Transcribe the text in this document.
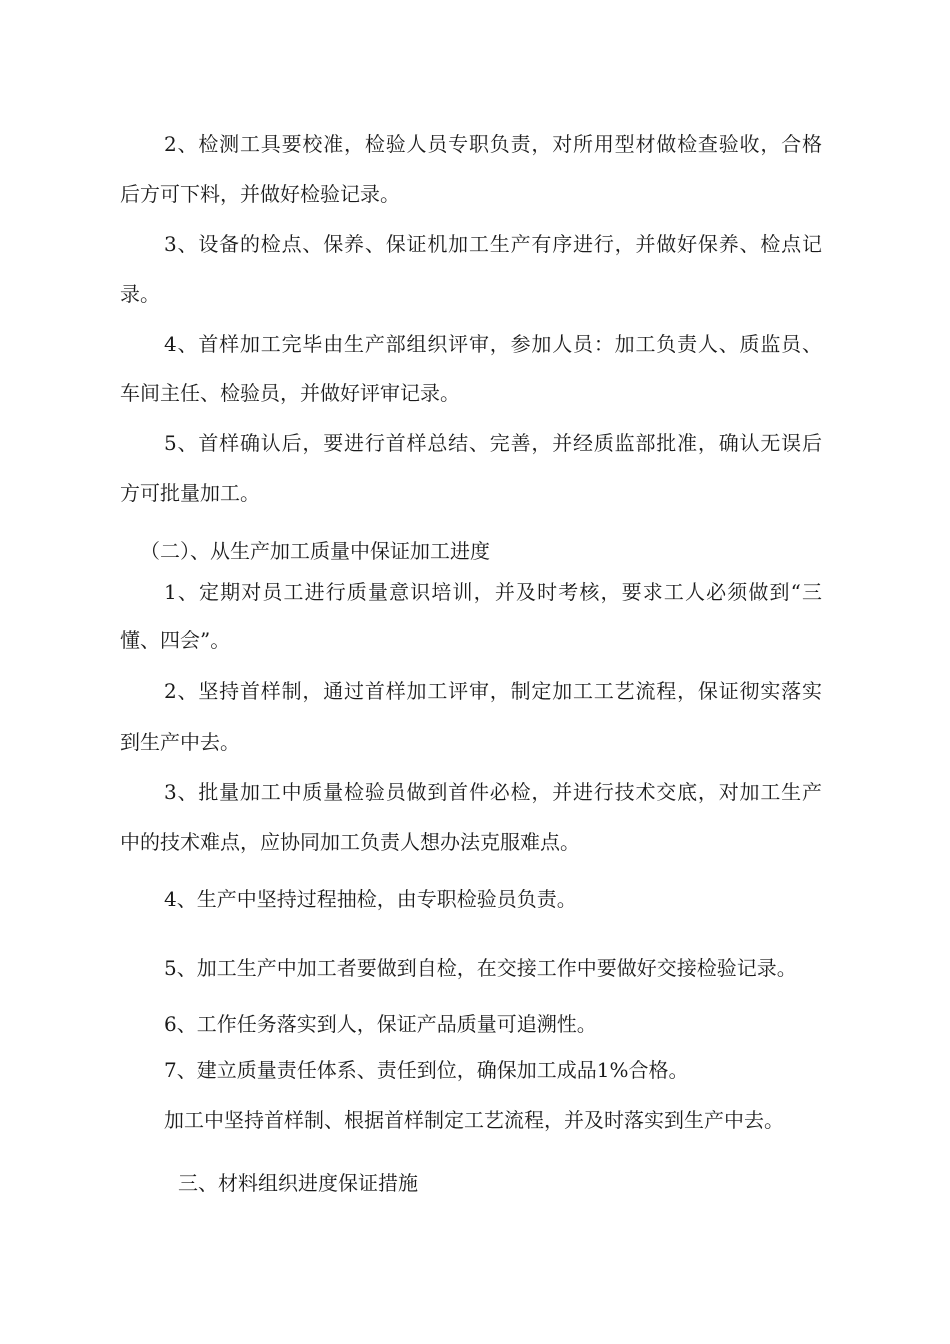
2、检测工具要校准，检验人员专职负责，对所用型材做检查验收，合格
后方可下料，并做好检验记录。
3、设备的检点、保养、保证机加工生产有序进行，并做好保养、检点记
录。
4、首样加工完毕由生产部组织评审，参加人员：加工负责人、质监员、
车间主任、检验员，并做好评审记录。
5、首样确认后，要进行首样总结、完善，并经质监部批准，确认无误后
方可批量加工。
（二）、从生产加工质量中保证加工进度
1、定期对员工进行质量意识培训，并及时考核，要求工人必须做到“三
懂、四会”。
2、坚持首样制，通过首样加工评审，制定加工工艺流程，保证彻实落实
到生产中去。
3、批量加工中质量检验员做到首件必检，并进行技术交底，对加工生产
中的技术难点，应协同加工负责人想办法克服难点。
4、生产中坚持过程抽检，由专职检验员负责。
5、加工生产中加工者要做到自检，在交接工作中要做好交接检验记录。
6、工作任务落实到人，保证产品质量可追溯性。
7、建立质量责任体系、责任到位，确保加工成品1%合格。
加工中坚持首样制、根据首样制定工艺流程，并及时落实到生产中去。
三、材料组织进度保证措施
